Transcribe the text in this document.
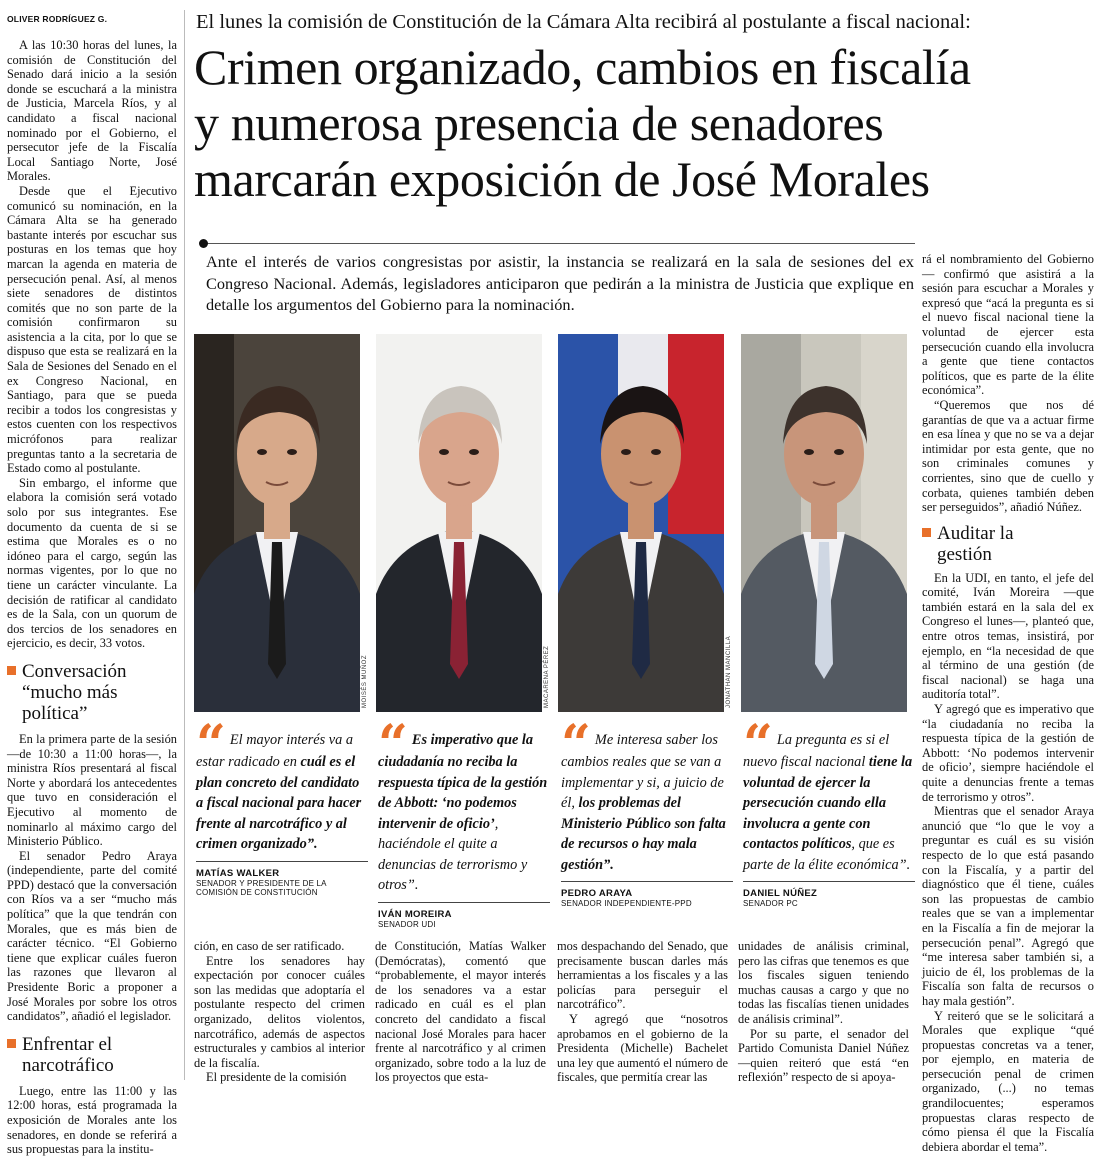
OLIVER RODRÍGUEZ G.

A las 10:30 horas del lunes, la comisión de Constitución del Senado dará inicio a la sesión donde se escuchará a la ministra de Justicia, Marcela Ríos, y al candidato a fiscal nacional nominado por el Gobierno, el persecutor jefe de la Fiscalía Local Santiago Norte, José Morales.

Desde que el Ejecutivo comunicó su nominación, en la Cámara Alta se ha generado bastante interés por escuchar sus posturas en los temas que hoy marcan la agenda en materia de persecución penal. Así, al menos siete senadores de distintos comités que no son parte de la comisión confirmaron su asistencia a la cita, por lo que se dispuso que esta se realizará en la Sala de Sesiones del Senado en el ex Congreso Nacional, en Santiago, para que se pueda recibir a todos los congresistas y estos cuenten con los respectivos micrófonos para realizar preguntas tanto a la secretaria de Estado como al postulante.

Sin embargo, el informe que elabora la comisión será votado solo por sus integrantes. Ese documento da cuenta de si se estima que Morales es o no idóneo para el cargo, según las normas vigentes, por lo que no tiene un carácter vinculante. La decisión de ratificar al candidato es de la Sala, con un quorum de dos tercios de los senadores en ejercicio, es decir, 33 votos.

Conversación
“mucho más
política”

En la primera parte de la sesión —de 10:30 a 11:00 horas—, la ministra Ríos presentará al fiscal Norte y abordará los antecedentes que tuvo en consideración el Ejecutivo al momento de nominarlo al máximo cargo del Ministerio Público.

El senador Pedro Araya (independiente, parte del comité PPD) destacó que la conversación con Ríos va a ser “mucho más política” que la que tendrán con Morales, que es más bien de carácter técnico. “El Gobierno tiene que explicar cuáles fueron las razones que llevaron al Presidente Boric a proponer a José Morales por sobre los otros candidatos”, añadió el legislador.

Enfrentar el
narcotráfico

Luego, entre las 11:00 y las 12:00 horas, está programada la exposición de Morales ante los senadores, en donde se referirá a sus propuestas para la institu-

El lunes la comisión de Constitución de la Cámara Alta recibirá al postulante a fiscal nacional:
Crimen organizado, cambios en fiscalía
y numerosa presencia de senadores
marcarán exposición de José Morales
Ante el interés de varios congresistas por asistir, la instancia se realizará en la sala de sesiones del ex Congreso Nacional. Además, legisladores anticiparon que pedirán a la ministra de Justicia que explique en detalle los argumentos del Gobierno para la nominación.
“ El mayor interés va a estar radicado en cuál es el plan concreto del candidato a fiscal nacional para hacer frente al narcotráfico y al crimen organizado”.
MATÍAS WALKER
SENADOR Y PRESIDENTE DE LA COMISIÓN DE CONSTITUCIÓN
“ Es imperativo que la ciudadanía no reciba la respuesta típica de la gestión de Abbott: ‘no podemos intervenir de oficio’, haciéndole el quite a denuncias de terrorismo y otros”.
IVÁN MOREIRA
SENADOR UDI
“ Me interesa saber los cambios reales que se van a implementar y si, a juicio de él, los problemas del Ministerio Público son falta de recursos o hay mala gestión”.
PEDRO ARAYA
SENADOR INDEPENDIENTE-PPD
“ La pregunta es si el nuevo fiscal nacional tiene la voluntad de ejercer la persecución cuando ella involucra a gente con contactos políticos, que es parte de la élite económica”.
DANIEL NÚÑEZ
SENADOR PC

ción, en caso de ser ratificado.

Entre los senadores hay expectación por conocer cuáles son las medidas que adoptaría el postulante respecto del crimen organizado, delitos violentos, narcotráfico, además de aspectos estructurales y cambios al interior de la fiscalía.

El presidente de la comisión

de Constitución, Matías Walker (Demócratas), comentó que “probablemente, el mayor interés de los senadores va a estar radicado en cuál es el plan concreto del candidato a fiscal nacional José Morales para hacer frente al narcotráfico y al crimen organizado, sobre todo a la luz de los proyectos que esta-

mos despachando del Senado, que precisamente buscan darles más herramientas a los fiscales y a las policías para perseguir el narcotráfico”.

Y agregó que “nosotros aprobamos en el gobierno de la Presidenta (Michelle) Bachelet una ley que aumentó el número de fiscales, que permitía crear las

unidades de análisis criminal, pero las cifras que tenemos es que los fiscales siguen teniendo muchas causas a cargo y que no todas las fiscalías tienen unidades de análisis criminal”.

Por su parte, el senador del Partido Comunista Daniel Núñez —quien reiteró que está “en reflexión” respecto de si apoya-

rá el nombramiento del Gobierno— confirmó que asistirá a la sesión para escuchar a Morales y expresó que “acá la pregunta es si el nuevo fiscal nacional tiene la voluntad de ejercer esta persecución cuando ella involucra a gente que tiene contactos políticos, que es parte de la élite económica”.

“Queremos que nos dé garantías de que va a actuar firme en esa línea y que no se va a dejar intimidar por esta gente, que no son criminales comunes y corrientes, sino que de cuello y corbata, quienes también deben ser perseguidos”, añadió Núñez.

Auditar la
gestión

En la UDI, en tanto, el jefe del comité, Iván Moreira —que también estará en la sala del ex Congreso el lunes—, planteó que, entre otros temas, insistirá, por ejemplo, en “la necesidad de que al término de una gestión (de fiscal nacional) se haga una auditoría total”.

Y agregó que es imperativo que “la ciudadanía no reciba la respuesta típica de la gestión de Abbott: ‘No podemos intervenir de oficio’, siempre haciéndole el quite a denuncias frente a temas de terrorismo y otros”.

Mientras que el senador Araya anunció que “lo que le voy a preguntar es cuál es su visión respecto de lo que está pasando con la Fiscalía, y a partir del diagnóstico que él tiene, cuáles son las propuestas de cambio reales que se van a implementar en la Fiscalía a fin de mejorar la persecución penal”. Agregó que “me interesa saber también si, a juicio de él, los problemas de la Fiscalía son falta de recursos o hay mala gestión”.

Y reiteró que se le solicitará a Morales que explique “qué propuestas concretas va a tener, por ejemplo, en materia de persecución penal de crimen organizado, (...) no temas grandilocuentes; esperamos propuestas claras respecto de cómo piensa él que la Fiscalía debiera abordar el tema”.

MOISÉS MUÑOZ	MACARENA PÉREZ	JONATHAN MANCILLA
